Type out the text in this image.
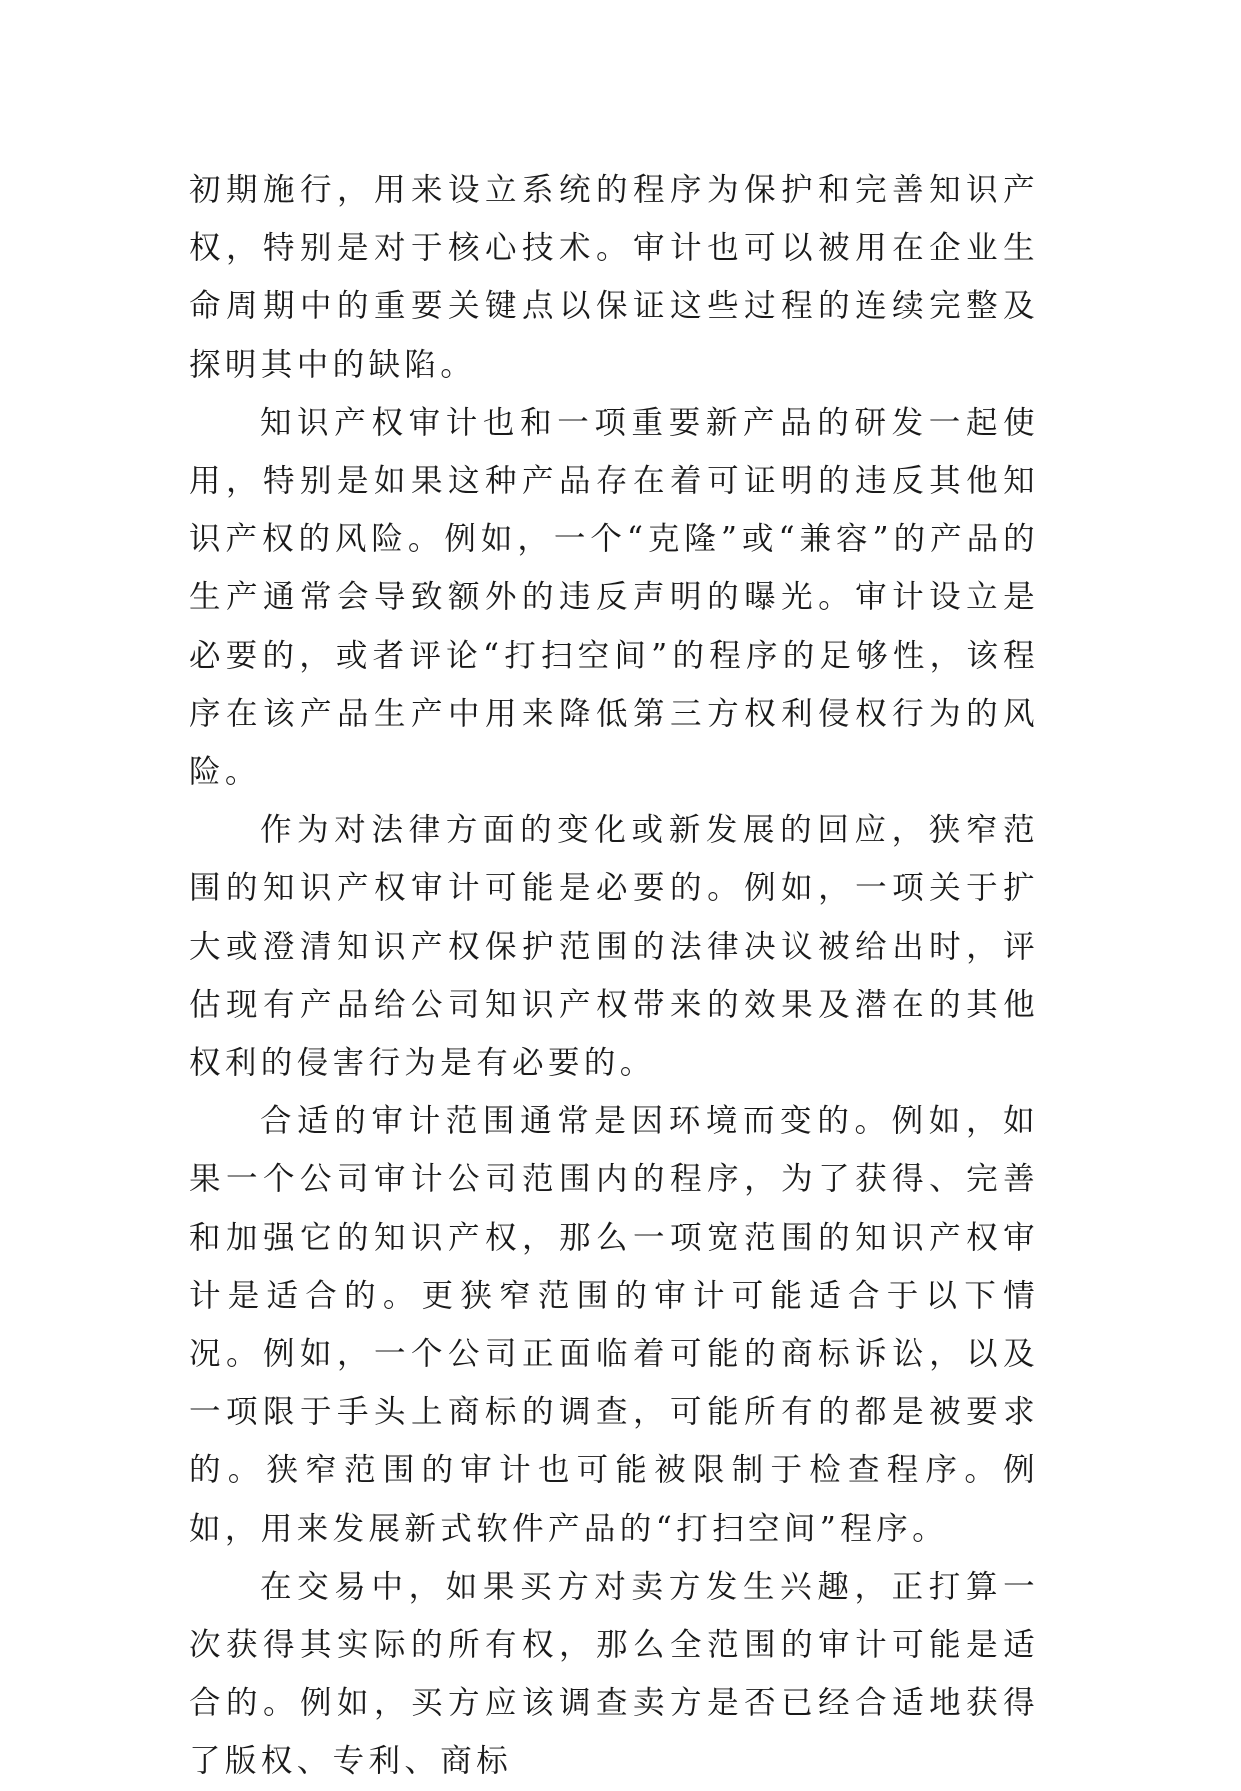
初期施行，用来设立系统的程序为保护和完善知识产权，特别是对于核心技术。审计也可以被用在企业生命周期中的重要关键点以保证这些过程的连续完整及探明其中的缺陷。

知识产权审计也和一项重要新产品的研发一起使用，特别是如果这种产品存在着可证明的违反其他知识产权的风险。例如，一个“克隆”或“兼容”的产品的生产通常会导致额外的违反声明的曝光。审计设立是必要的，或者评论“打扫空间”的程序的足够性，该程序在该产品生产中用来降低第三方权利侵权行为的风险。

作为对法律方面的变化或新发展的回应，狭窄范围的知识产权审计可能是必要的。例如，一项关于扩大或澄清知识产权保护范围的法律决议被给出时，评估现有产品给公司知识产权带来的效果及潜在的其他权利的侵害行为是有必要的。

合适的审计范围通常是因环境而变的。例如，如果一个公司审计公司范围内的程序，为了获得、完善和加强它的知识产权，那么一项宽范围的知识产权审计是适合的。更狭窄范围的审计可能适合于以下情况。例如，一个公司正面临着可能的商标诉讼，以及一项限于手头上商标的调查，可能所有的都是被要求的。狭窄范围的审计也可能被限制于检查程序。例如，用来发展新式软件产品的“打扫空间”程序。

在交易中，如果买方对卖方发生兴趣，正打算一次获得其实际的所有权，那么全范围的审计可能是适合的。例如，买方应该调查卖方是否已经合适地获得了版权、专利、商标
